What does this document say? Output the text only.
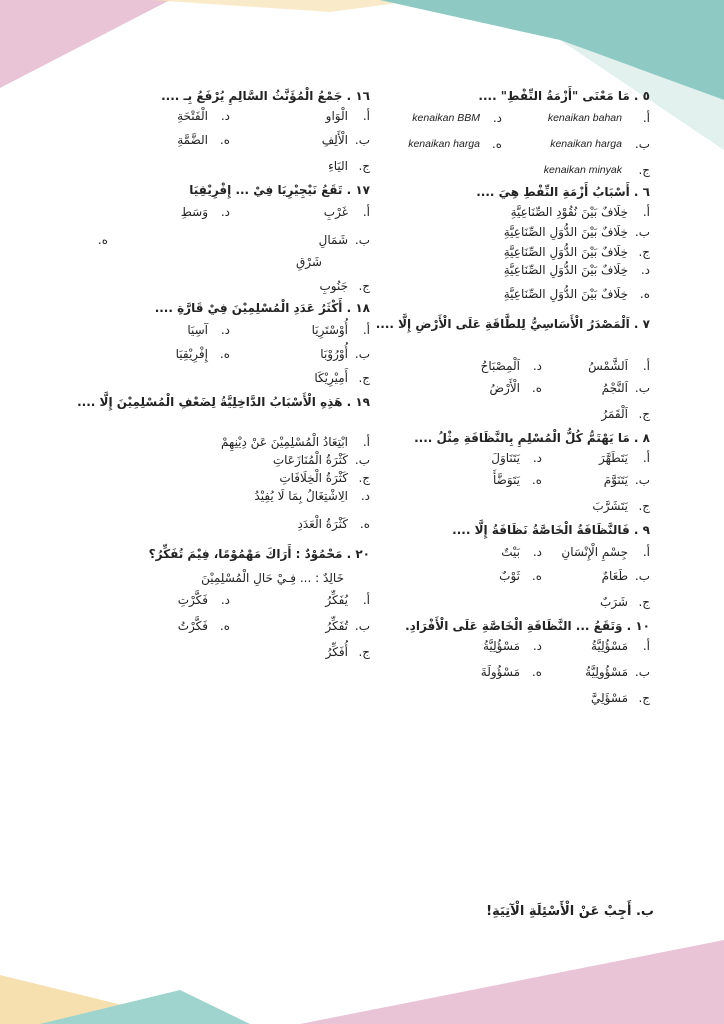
٥ . مَا مَعْنَى "أَزْمَةُ النِّفْطِ" ....
أ.
kenaikan bahan
د.
kenaikan BBM
ب.
kenaikan harga
ه.
kenaikan harga
ج.
kenaikan minyak
٦ . أَسْبَابُ أَزْمَةِ النِّفْطِ هِيَ ....
أ.
خِلَافٌ بَيْنَ نُقُوْدِ الصِّنَاعِيَّةِ
ب.
خِلَافٌ بَيْنَ الدُّوَلِ الصِّنَاعِيَّةِ
ج.
خِلَافٌ بَيْنَ الدُّوَلِ الصِّنَاعِيَّةِ
د.
خِلَافٌ بَيْنَ الدُّوَلِ الصِّنَاعِيَّةِ
ه.
خِلَافٌ بَيْنَ الدُّوَلِ الصِّنَاعِيَّةِ
٧ . اَلْمَصْدَرُ الْأَسَاسِيُّ لِلطَّاقَةِ عَلَى الْأَرْضِ إِلَّا ....
أ.
اَلشَّمْسُ
د.
اَلْمِصْبَاحُ
ب.
اَلنَّجْمُ
ه.
الْأَرْضُ
ج.
اَلْقَمَرُ
٨ . مَا يَهْتَمُّ كُلُّ الْمُسْلِمِ بِالنَّظَافَةِ مِثْلُ ....
أ.
يَتَطَهَّرَ
د.
يَتَنَاوَلَ
ب.
يَتَنَوَّمَ
ه.
يَتَوَضَّأَ
ج.
يَتَشَرَّبَ
٩ . فَالنَّظَافَةُ الْخَاصَّةُ نَظَافَةُ إِلَّا ....
أ.
جِسْمِ الْإِنْسَانِ
د.
بَيْتٌ
ب.
طَعَامٌ
ه.
ثَوْبٌ
ج.
شَرَبٌ
١٠ . وَتَقَعُ ... النَّظَافَةِ الْخَاصَّةِ عَلَى الْأَفْرَادِ.
أ.
مَسْؤُلِيَّةُ
د.
مَسْؤُلِيَّةُ
ب.
مَسْؤُولِيَّةُ
ه.
مَسْؤُولَةَ
ج.
مَسْؤَلِيَّ
١٦ . جَمْعُ الْمُؤَنَّثُ السَّالِمِ يُرْفَعُ بِـ ....
أ.
الْوَاو
د.
الْفَتْحَةِ
ب.
الْأَلِفِ
ه.
الضَّمَّةِ
ج.
اليَاءِ
١٧ . تَقَعُ نَيْجِيْرِيَا فِيْ ... إِفْرِيْقِيَا
أ.
غَرْبِ
د.
وَسَطِ
ب.
شَمَالِ
ه.
شَرْقِ
ج.
جَنُوبِ
١٨ . أَكْثَرُ عَدَدِ الْمُسْلِمِيْنَ فِيْ قَارَّةِ ....
أ.
أُوْسْتَرِيَا
د.
آسِيَا
ب.
أُوْرُوْبَا
ه.
إِفْرِيْقِيَا
ج.
أَمِيْرِيْكَا
١٩ . هَذِهِ الْأَسْبَابُ الدَّاخِلِيَّةُ لِضَعْفِ الْمُسْلِمِيْنَ إِلَّا ....
أ.
ابْتِعَادُ الْمُسْلِمِيْنَ عَنْ دِيْنِهِمْ
ب.
كَثْرَةُ الْمُنَازَعَاتِ
ج.
كَثْرَةُ الْخِلَافَاتِ
د.
الِاشْتِغَالُ بِمَا لَا يُفِيْدُ
ه.
كَثْرَةُ الْعَدَدِ
٢٠ . مَحْمُوْدٌ : أَرَاكَ مَهْمُوْمًا، فِيْمَ تُفَكِّرُ؟
خَالِدٌ : ... فِـيْ حَالِ الْمُسْلِمِيْنَ
أ.
يُفَكِّرُ
د.
فَكَّرْتِ
ب.
تُفَكِّرُ
ه.
فَكَّرْتُ
ج.
أُفَكِّرُ
ب. أَجِبْ عَنْ الْأَسْئِلَةِ الْآتِيَةِ!
